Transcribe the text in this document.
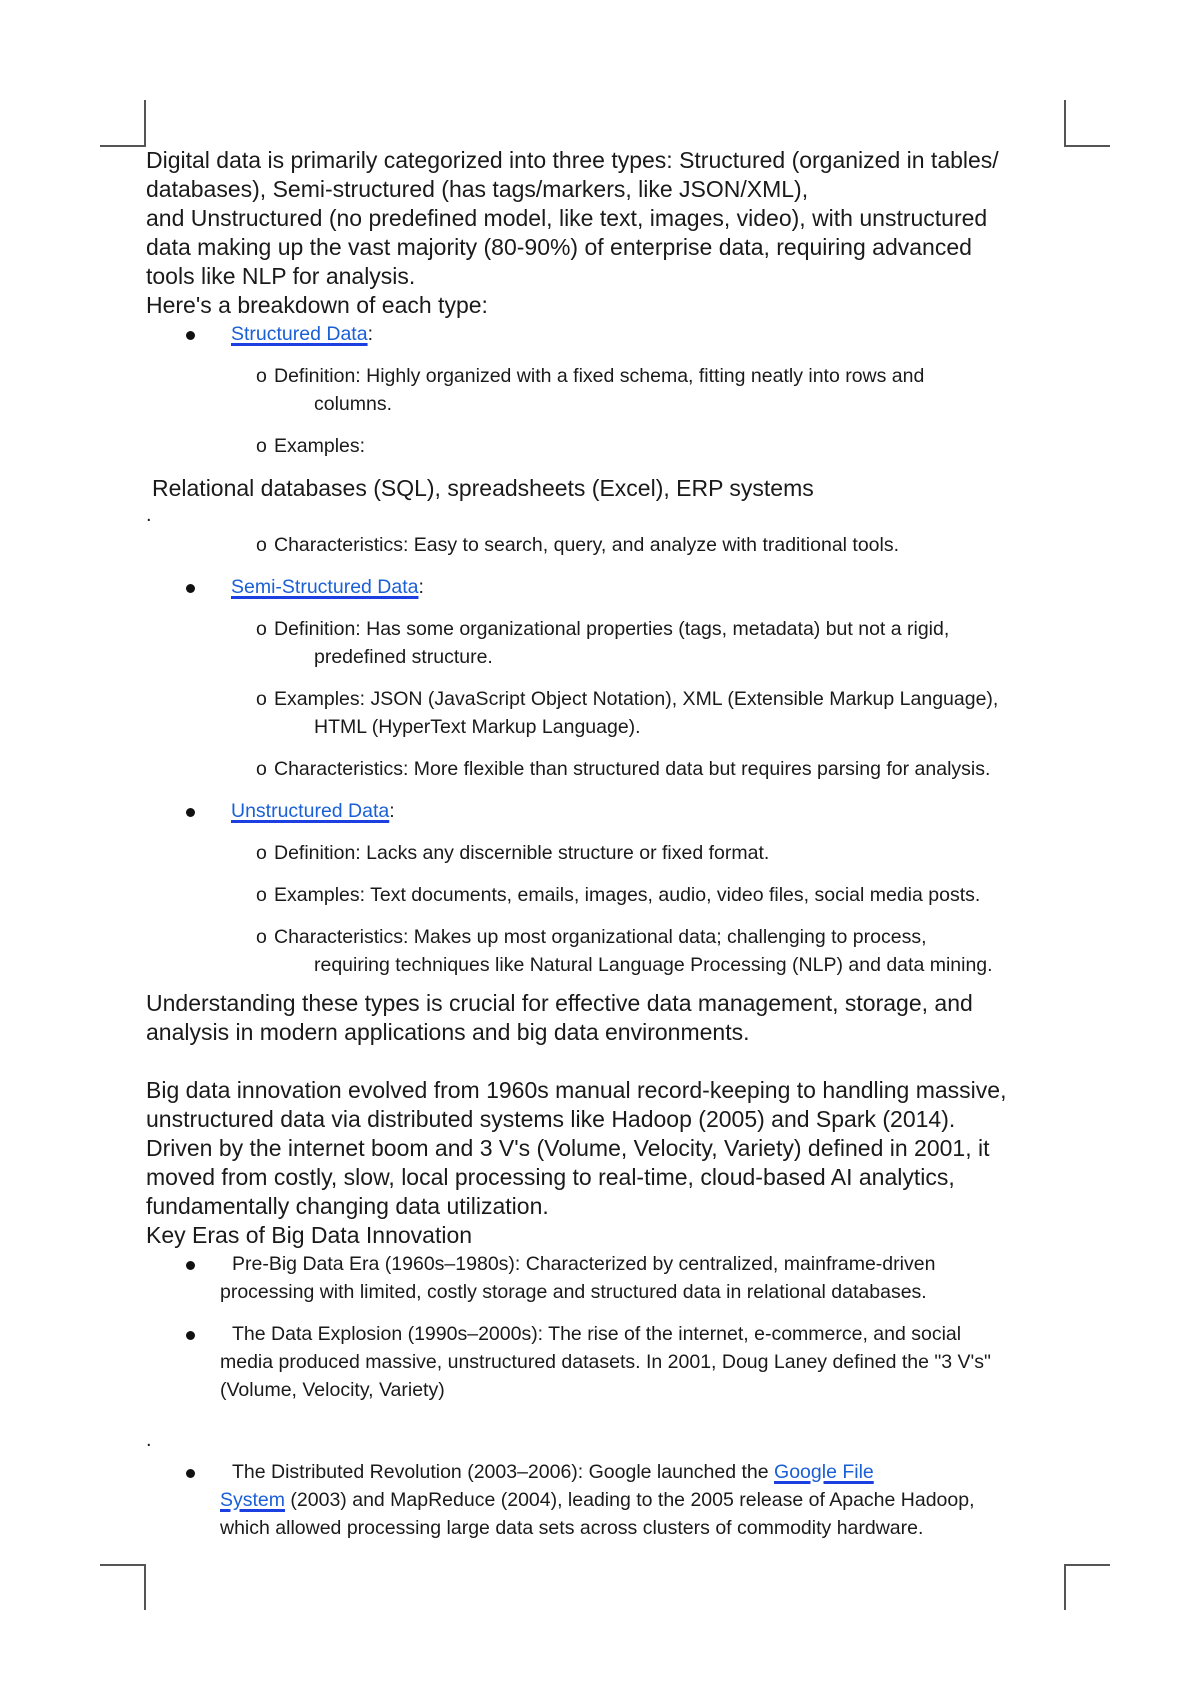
Digital data is primarily categorized into three types: Structured (organized in tables/
databases), Semi-structured (has tags/markers, like JSON/XML),
and Unstructured (no predefined model, like text, images, video), with unstructured
data making up the vast majority (80-90%) of enterprise data, requiring advanced
tools like NLP for analysis.
Here's a breakdown of each type:
Structured Data:
o Definition: Highly organized with a fixed schema, fitting neatly into rows and
columns.
o Examples:
Relational databases (SQL), spreadsheets (Excel), ERP systems
.
o Characteristics: Easy to search, query, and analyze with traditional tools.
Semi-Structured Data:
o Definition: Has some organizational properties (tags, metadata) but not a rigid,
predefined structure.
o Examples: JSON (JavaScript Object Notation), XML (Extensible Markup Language),
HTML (HyperText Markup Language).
o Characteristics: More flexible than structured data but requires parsing for analysis.
Unstructured Data:
o Definition: Lacks any discernible structure or fixed format.
o Examples: Text documents, emails, images, audio, video files, social media posts.
o Characteristics: Makes up most organizational data; challenging to process,
requiring techniques like Natural Language Processing (NLP) and data mining.
Understanding these types is crucial for effective data management, storage, and
analysis in modern applications and big data environments.
Big data innovation evolved from 1960s manual record-keeping to handling massive,
unstructured data via distributed systems like Hadoop (2005) and Spark (2014).
Driven by the internet boom and 3 V's (Volume, Velocity, Variety) defined in 2001, it
moved from costly, slow, local processing to real-time, cloud-based AI analytics,
fundamentally changing data utilization.
Key Eras of Big Data Innovation
Pre-Big Data Era (1960s–1980s): Characterized by centralized, mainframe-driven
processing with limited, costly storage and structured data in relational databases.
The Data Explosion (1990s–2000s): The rise of the internet, e-commerce, and social
media produced massive, unstructured datasets. In 2001, Doug Laney defined the "3 V's"
(Volume, Velocity, Variety)
.
The Distributed Revolution (2003–2006): Google launched the Google File
System (2003) and MapReduce (2004), leading to the 2005 release of Apache Hadoop,
which allowed processing large data sets across clusters of commodity hardware.
